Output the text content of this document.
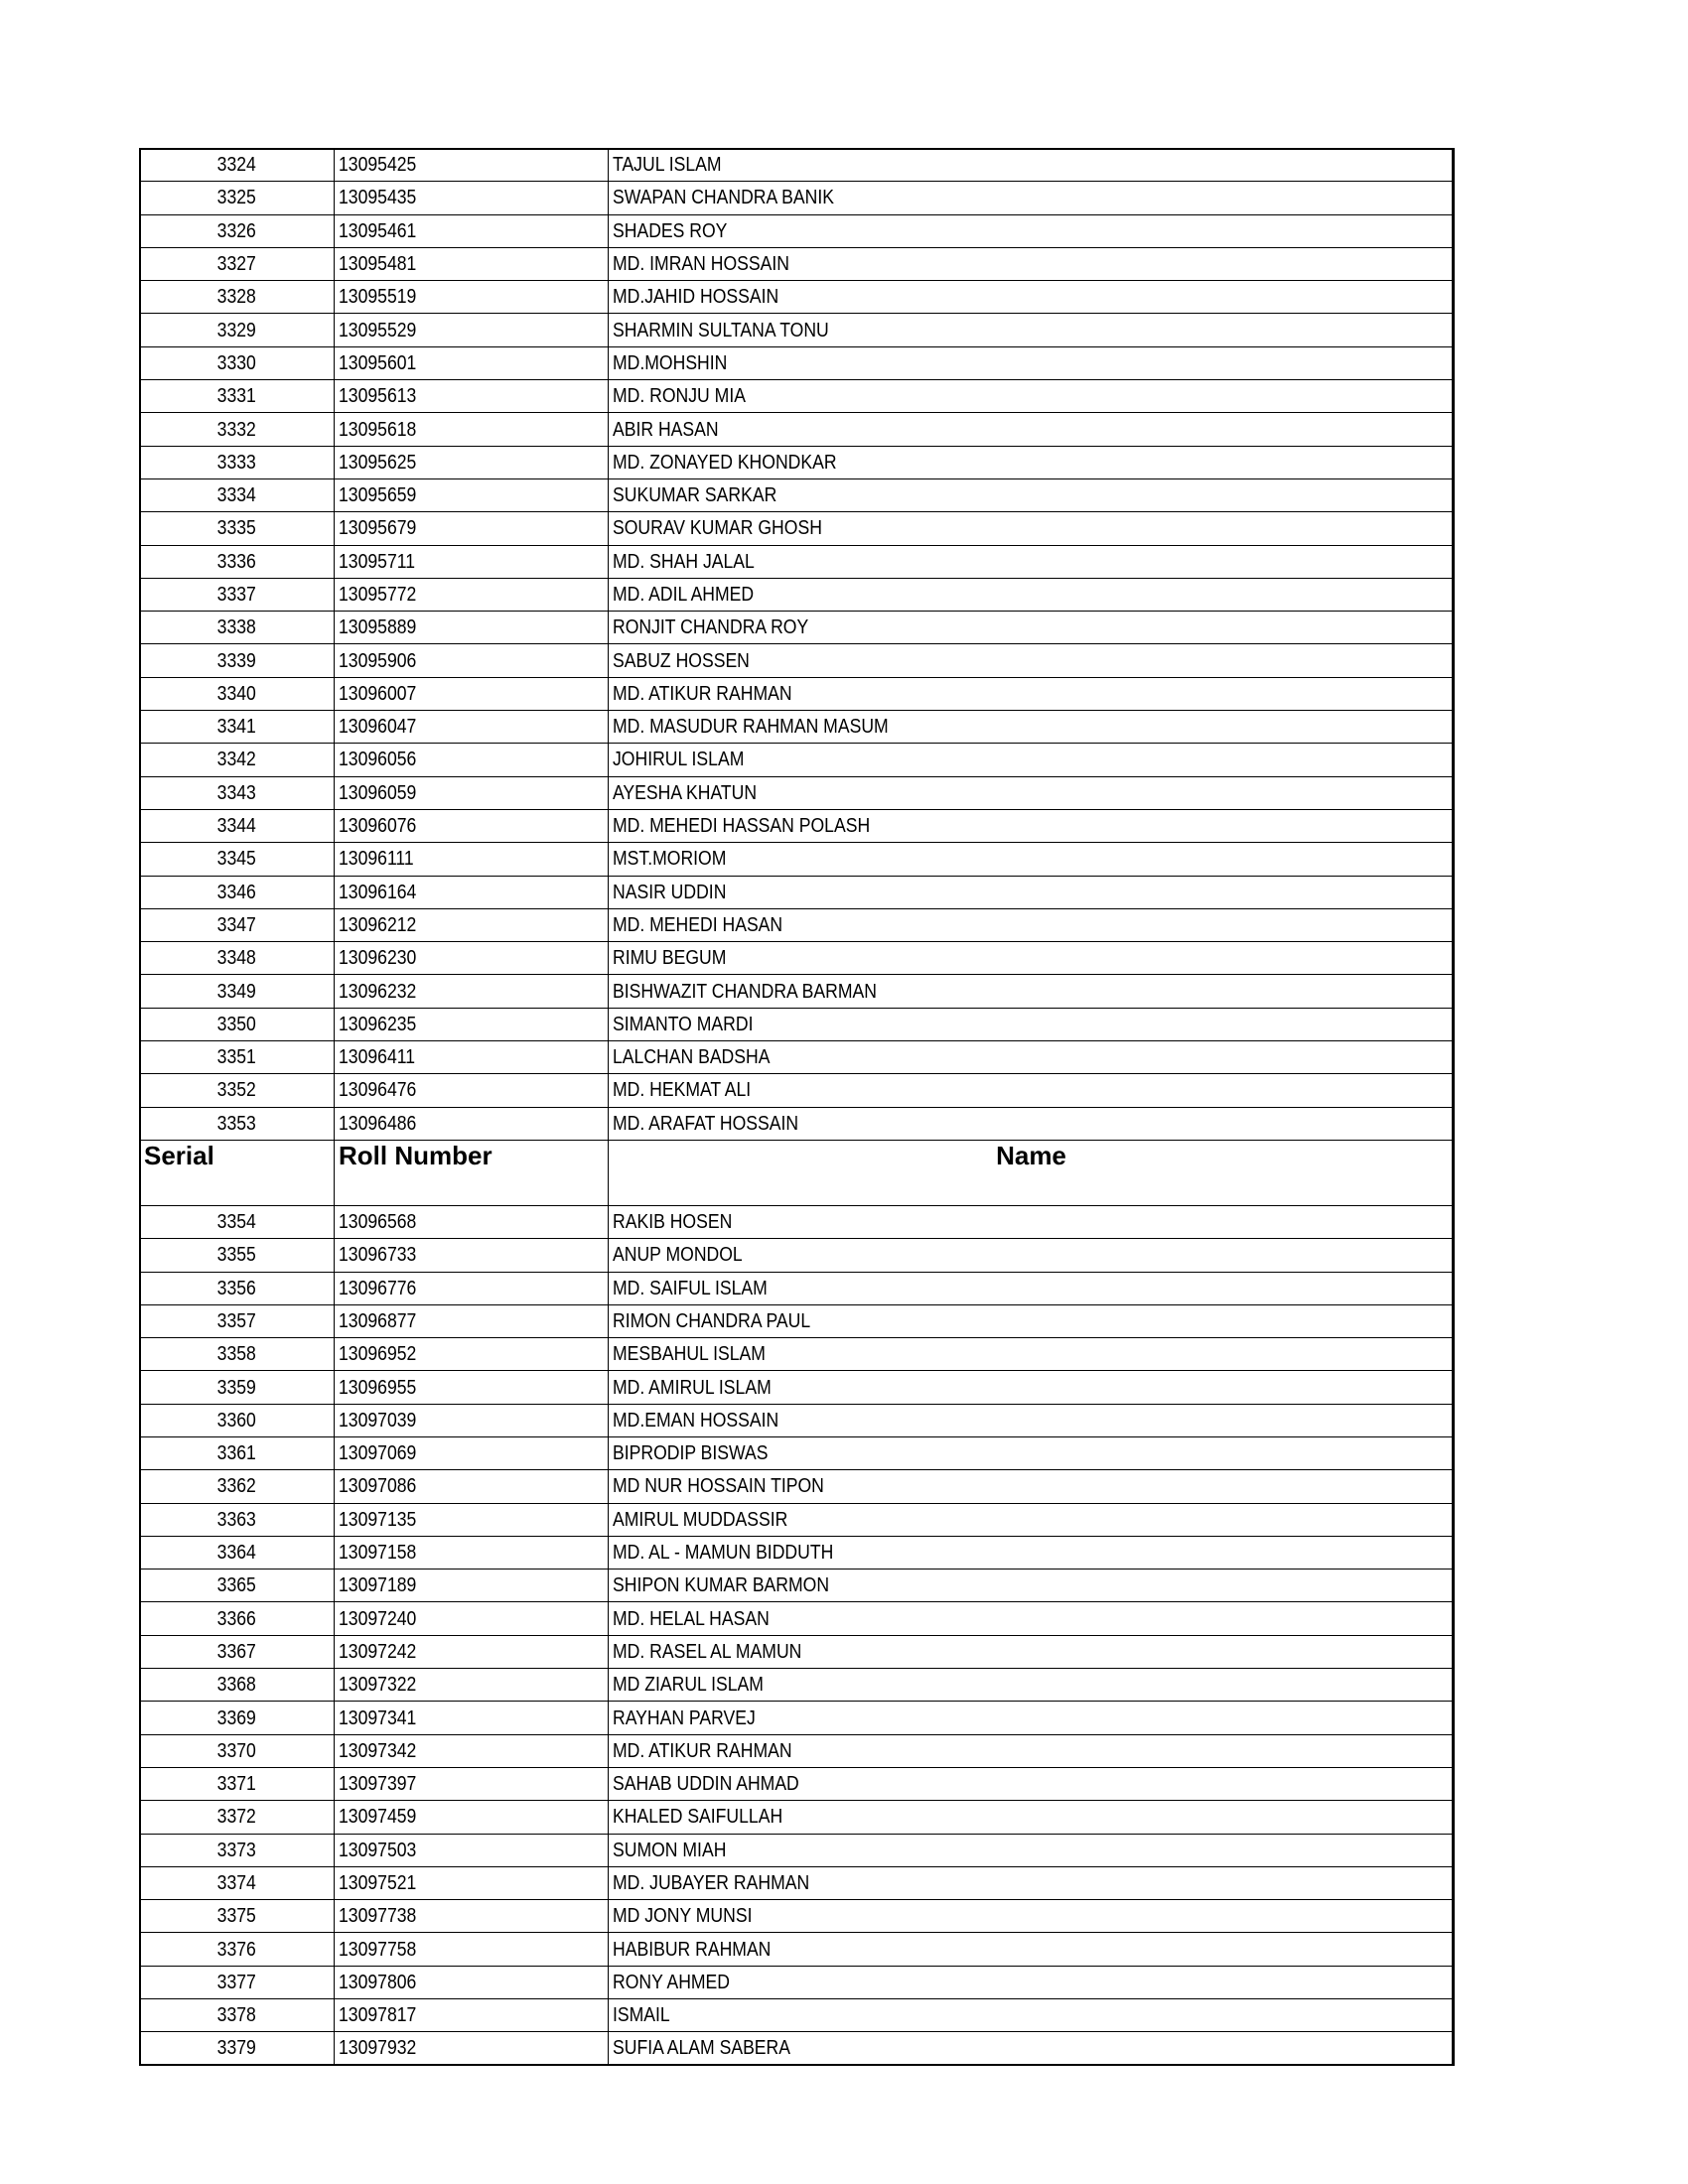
3324	13095425	TAJUL ISLAM
3325	13095435	SWAPAN CHANDRA BANIK
3326	13095461	SHADES ROY
3327	13095481	MD. IMRAN HOSSAIN
3328	13095519	MD.JAHID HOSSAIN
3329	13095529	SHARMIN SULTANA TONU
3330	13095601	MD.MOHSHIN
3331	13095613	MD. RONJU MIA
3332	13095618	ABIR HASAN
3333	13095625	MD. ZONAYED KHONDKAR
3334	13095659	SUKUMAR SARKAR
3335	13095679	SOURAV KUMAR GHOSH
3336	13095711	MD. SHAH JALAL
3337	13095772	MD. ADIL AHMED
3338	13095889	RONJIT CHANDRA ROY
3339	13095906	SABUZ HOSSEN
3340	13096007	MD. ATIKUR RAHMAN
3341	13096047	MD. MASUDUR RAHMAN MASUM
3342	13096056	JOHIRUL ISLAM
3343	13096059	AYESHA KHATUN
3344	13096076	MD. MEHEDI HASSAN POLASH
3345	13096111	MST.MORIOM
3346	13096164	NASIR UDDIN
3347	13096212	MD. MEHEDI HASAN
3348	13096230	RIMU BEGUM
3349	13096232	BISHWAZIT CHANDRA BARMAN
3350	13096235	SIMANTO MARDI
3351	13096411	LALCHAN BADSHA
3352	13096476	MD. HEKMAT ALI
3353	13096486	MD. ARAFAT HOSSAIN
Serial	Roll Number	Name
3354	13096568	RAKIB HOSEN
3355	13096733	ANUP MONDOL
3356	13096776	MD. SAIFUL ISLAM
3357	13096877	RIMON CHANDRA PAUL
3358	13096952	MESBAHUL ISLAM
3359	13096955	MD. AMIRUL ISLAM
3360	13097039	MD.EMAN HOSSAIN
3361	13097069	BIPRODIP BISWAS
3362	13097086	MD NUR HOSSAIN TIPON
3363	13097135	AMIRUL MUDDASSIR
3364	13097158	MD. AL - MAMUN BIDDUTH
3365	13097189	SHIPON KUMAR BARMON
3366	13097240	MD. HELAL HASAN
3367	13097242	MD. RASEL AL MAMUN
3368	13097322	MD ZIARUL ISLAM
3369	13097341	RAYHAN PARVEJ
3370	13097342	MD. ATIKUR RAHMAN
3371	13097397	SAHAB UDDIN AHMAD
3372	13097459	KHALED SAIFULLAH
3373	13097503	SUMON MIAH
3374	13097521	MD. JUBAYER RAHMAN
3375	13097738	MD JONY MUNSI
3376	13097758	HABIBUR RAHMAN
3377	13097806	RONY AHMED
3378	13097817	ISMAIL
3379	13097932	SUFIA ALAM SABERA
